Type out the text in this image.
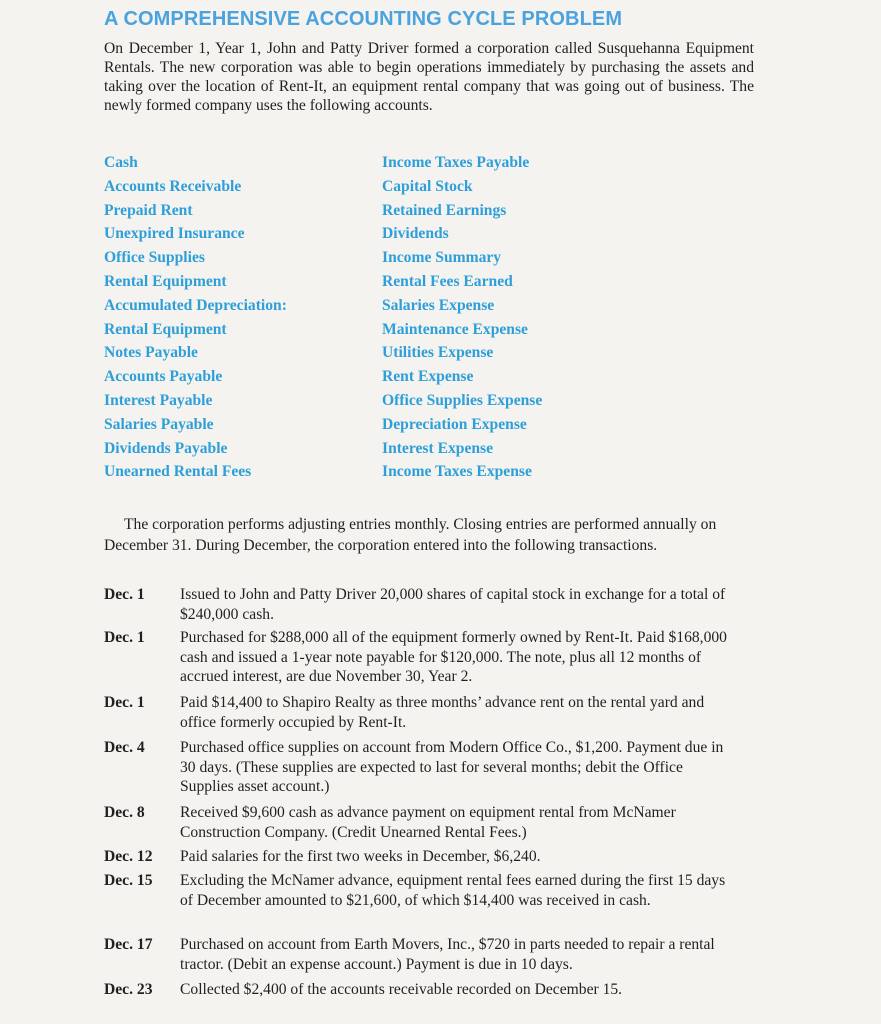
A COMPREHENSIVE ACCOUNTING CYCLE PROBLEM

On December 1, Year 1, John and Patty Driver formed a corporation called Susquehanna Equipment Rentals. The new corporation was able to begin operations immediately by purchasing the assets and taking over the location of Rent-It, an equipment rental company that was going out of business. The newly formed company uses the following accounts.

Cash
Accounts Receivable
Prepaid Rent
Unexpired Insurance
Office Supplies
Rental Equipment
Accumulated Depreciation:
Rental Equipment
Notes Payable
Accounts Payable
Interest Payable
Salaries Payable
Dividends Payable
Unearned Rental Fees
Income Taxes Payable
Capital Stock
Retained Earnings
Dividends
Income Summary
Rental Fees Earned
Salaries Expense
Maintenance Expense
Utilities Expense
Rent Expense
Office Supplies Expense
Depreciation Expense
Interest Expense
Income Taxes Expense

The corporation performs adjusting entries monthly. Closing entries are performed annually on December 31. During December, the corporation entered into the following transactions.

Dec. 1 Issued to John and Patty Driver 20,000 shares of capital stock in exchange for a total of $240,000 cash.
Dec. 1 Purchased for $288,000 all of the equipment formerly owned by Rent-It. Paid $168,000 cash and issued a 1-year note payable for $120,000. The note, plus all 12 months of accrued interest, are due November 30, Year 2.
Dec. 1 Paid $14,400 to Shapiro Realty as three months’ advance rent on the rental yard and office formerly occupied by Rent-It.
Dec. 4 Purchased office supplies on account from Modern Office Co., $1,200. Payment due in 30 days. (These supplies are expected to last for several months; debit the Office Supplies asset account.)
Dec. 8 Received $9,600 cash as advance payment on equipment rental from McNamer Construction Company. (Credit Unearned Rental Fees.)
Dec. 12 Paid salaries for the first two weeks in December, $6,240.
Dec. 15 Excluding the McNamer advance, equipment rental fees earned during the first 15 days of December amounted to $21,600, of which $14,400 was received in cash.
Dec. 17 Purchased on account from Earth Movers, Inc., $720 in parts needed to repair a rental tractor. (Debit an expense account.) Payment is due in 10 days.
Dec. 23 Collected $2,400 of the accounts receivable recorded on December 15.
